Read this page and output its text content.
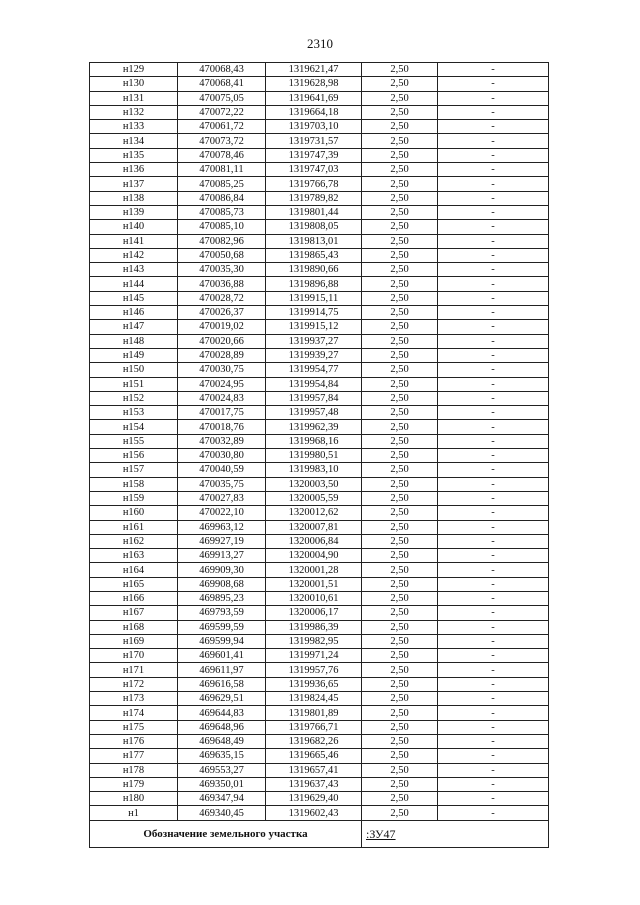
2310
н129	470068,43	1319621,47	2,50	-
н130	470068,41	1319628,98	2,50	-
н131	470075,05	1319641,69	2,50	-
н132	470072,22	1319664,18	2,50	-
н133	470061,72	1319703,10	2,50	-
н134	470073,72	1319731,57	2,50	-
н135	470078,46	1319747,39	2,50	-
н136	470081,11	1319747,03	2,50	-
н137	470085,25	1319766,78	2,50	-
н138	470086,84	1319789,82	2,50	-
н139	470085,73	1319801,44	2,50	-
н140	470085,10	1319808,05	2,50	-
н141	470082,96	1319813,01	2,50	-
н142	470050,68	1319865,43	2,50	-
н143	470035,30	1319890,66	2,50	-
н144	470036,88	1319896,88	2,50	-
н145	470028,72	1319915,11	2,50	-
н146	470026,37	1319914,75	2,50	-
н147	470019,02	1319915,12	2,50	-
н148	470020,66	1319937,27	2,50	-
н149	470028,89	1319939,27	2,50	-
н150	470030,75	1319954,77	2,50	-
н151	470024,95	1319954,84	2,50	-
н152	470024,83	1319957,84	2,50	-
н153	470017,75	1319957,48	2,50	-
н154	470018,76	1319962,39	2,50	-
н155	470032,89	1319968,16	2,50	-
н156	470030,80	1319980,51	2,50	-
н157	470040,59	1319983,10	2,50	-
н158	470035,75	1320003,50	2,50	-
н159	470027,83	1320005,59	2,50	-
н160	470022,10	1320012,62	2,50	-
н161	469963,12	1320007,81	2,50	-
н162	469927,19	1320006,84	2,50	-
н163	469913,27	1320004,90	2,50	-
н164	469909,30	1320001,28	2,50	-
н165	469908,68	1320001,51	2,50	-
н166	469895,23	1320010,61	2,50	-
н167	469793,59	1320006,17	2,50	-
н168	469599,59	1319986,39	2,50	-
н169	469599,94	1319982,95	2,50	-
н170	469601,41	1319971,24	2,50	-
н171	469611,97	1319957,76	2,50	-
н172	469616,58	1319936,65	2,50	-
н173	469629,51	1319824,45	2,50	-
н174	469644,83	1319801,89	2,50	-
н175	469648,96	1319766,71	2,50	-
н176	469648,49	1319682,26	2,50	-
н177	469635,15	1319665,46	2,50	-
н178	469553,27	1319657,41	2,50	-
н179	469350,01	1319637,43	2,50	-
н180	469347,94	1319629,40	2,50	-
н1	469340,45	1319602,43	2,50	-
Обозначение земельного участка			:ЗУ47	
